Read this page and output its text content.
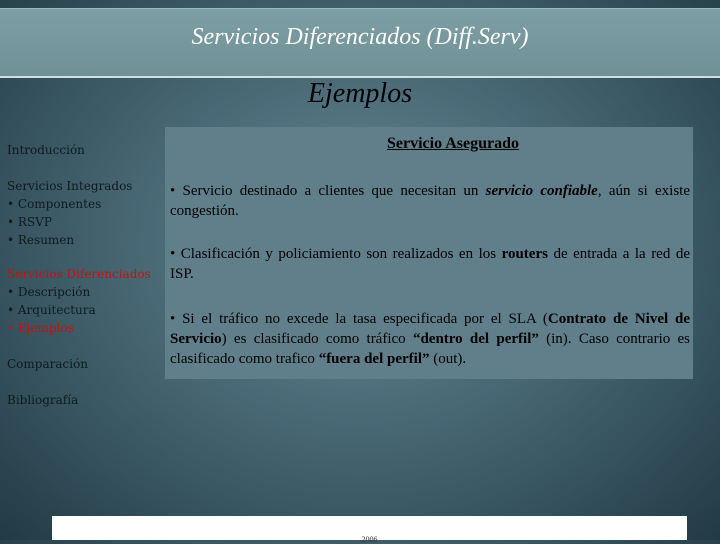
Servicios Diferenciados (Diff.Serv)
Ejemplos
Introducción
Servicios Integrados
• Componentes
• RSVP
• Resumen
Servicios Diferenciados
• Descripción
• Arquitectura
• Ejemplos
Comparación
Bibliografía
Servicio Asegurado
• Servicio destinado a clientes que necesitan un servicio confiable, aún si existe congestión.
• Clasificación y policiamiento son realizados en los routers de entrada a la red de ISP.
• Si el tráfico no excede la tasa especificada por el SLA (Contrato de Nivel de Servicio) es clasificado como tráfico “dentro del perfil” (in). Caso contrario es clasificado como trafico “fuera del perfil” (out).
2006
